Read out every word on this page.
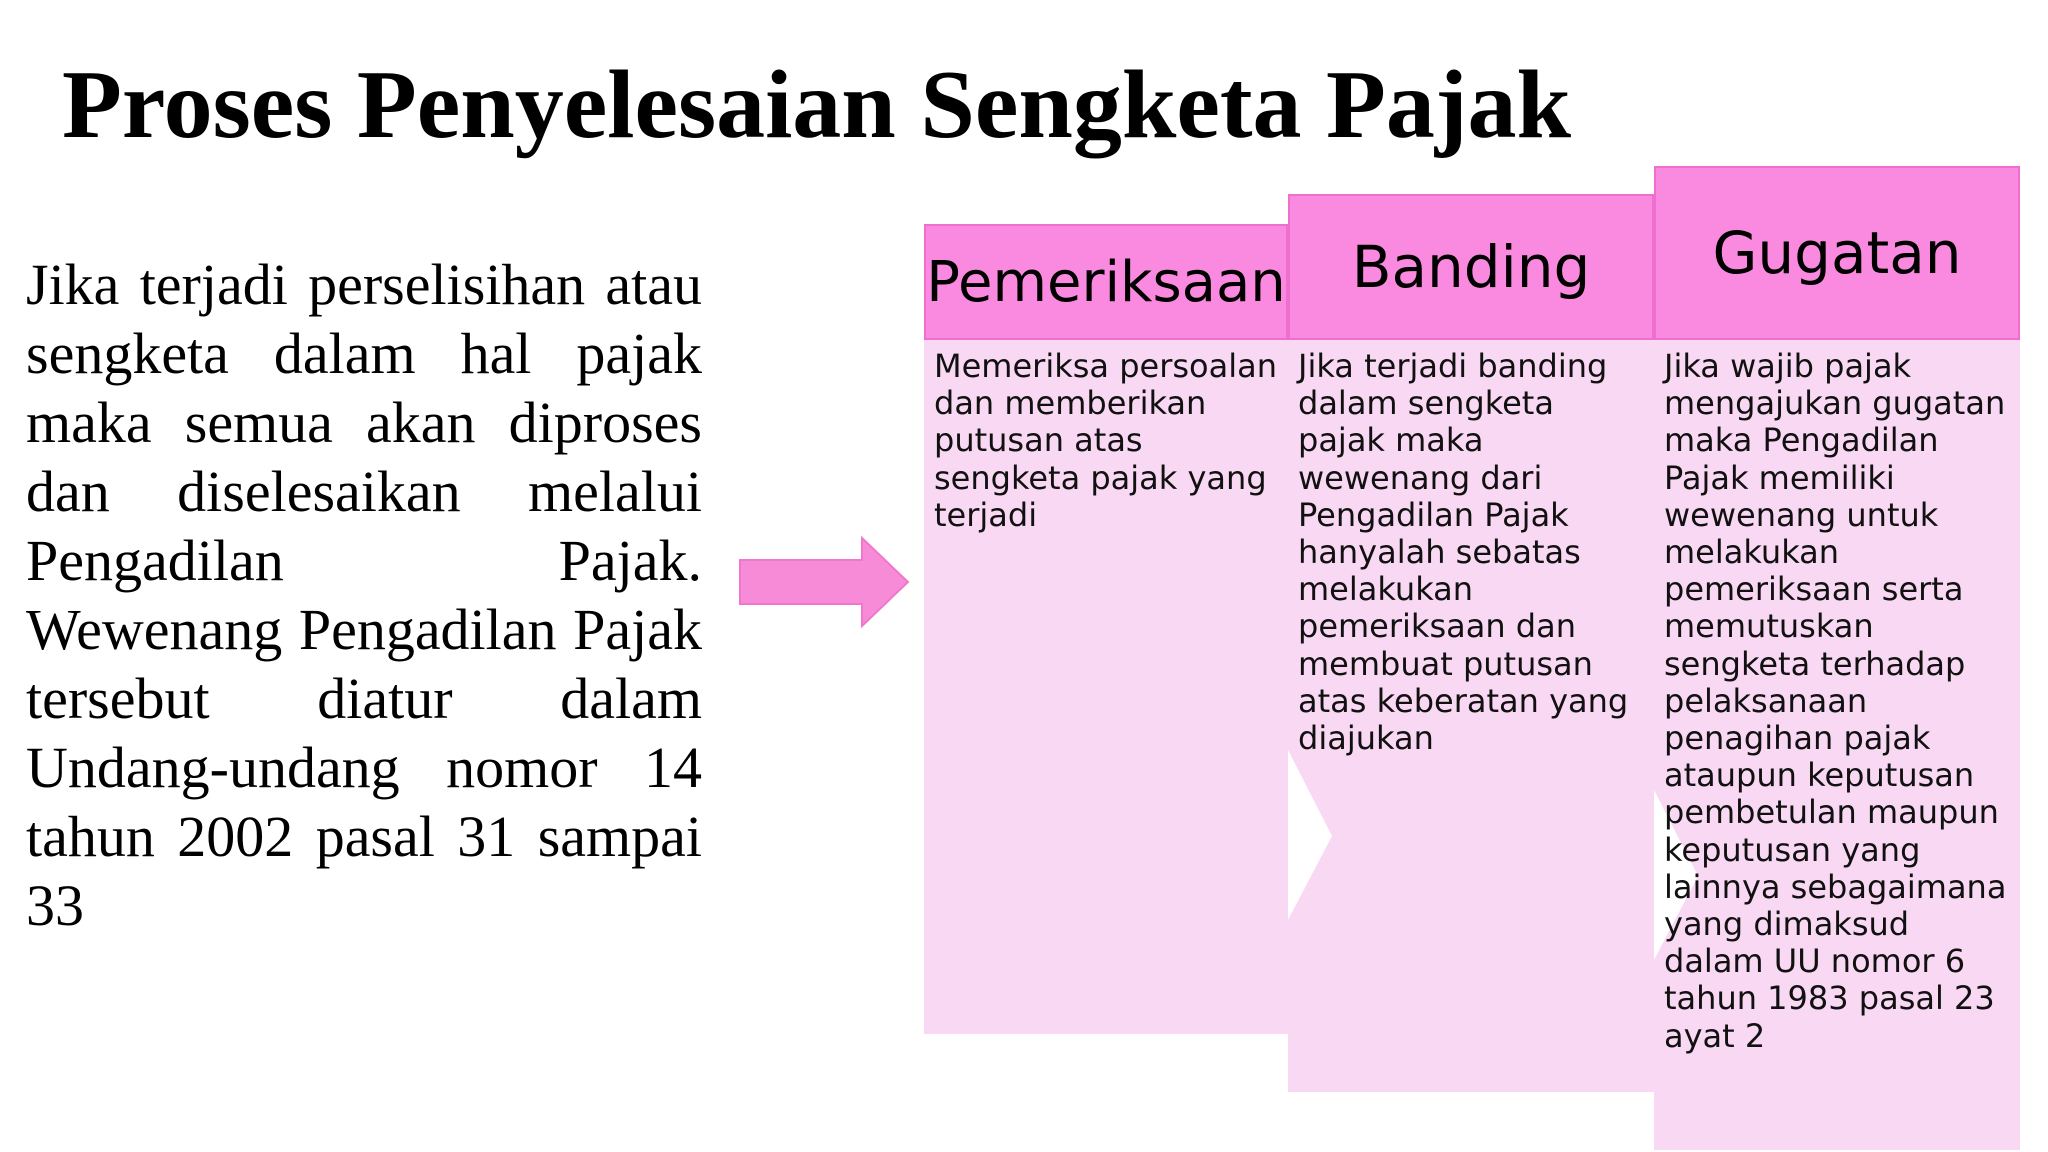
Proses Penyelesaian Sengketa Pajak
Jika terjadi perselisihan atau sengketa dalam hal pajak maka semua akan diproses dan diselesaikan melalui Pengadilan Pajak. Wewenang Pengadilan Pajak tersebut diatur dalam Undang-undang nomor 14 tahun 2002 pasal 31 sampai 33
Pemeriksaan
Memeriksa persoalan dan memberikan putusan atas sengketa pajak yang terjadi
Banding
Jika terjadi banding dalam sengketa pajak maka wewenang dari Pengadilan Pajak hanyalah sebatas melakukan pemeriksaan dan membuat putusan atas keberatan yang diajukan
Gugatan
Jika wajib pajak mengajukan gugatan maka Pengadilan Pajak memiliki wewenang untuk melakukan pemeriksaan serta memutuskan sengketa terhadap pelaksanaan penagihan pajak ataupun keputusan pembetulan maupun keputusan yang lainnya sebagaimana yang dimaksud dalam UU nomor 6 tahun 1983 pasal 23 ayat 2
